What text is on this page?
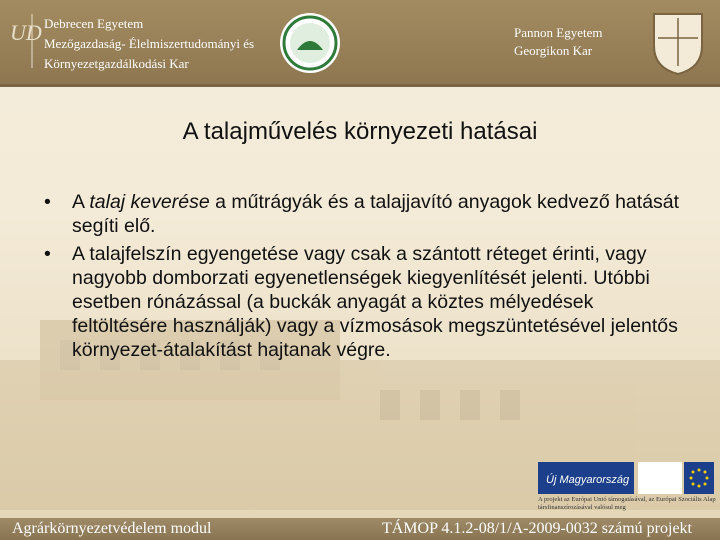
UD Debrecen Egyetem
Mezőgazdaság- Élelmiszertudományi és
Környezetgazdálkodási Kar
Pannon Egyetem
Georgikon Kar
A talajművelés környezeti hatásai
• A talaj keverése a műtrágyák és a talajjavító anyagok kedvező hatását segíti elő.
• A talajfelszín egyengetése vagy csak a szántott réteget érinti, vagy nagyobb domborzati egyenetlenségek kiegyenlítését jelenti. Utóbbi esetben rónázással (a buckák anyagát a köztes mélyedések feltöltésére használják) vagy a vízmosások megszüntetésével jelentős környezet-átalakítást hajtanak végre.
Új Magyarország
A projekt az Európai Unió támogatásával, az Európai Szociális Alap társfinanszírozásával valósul meg
Agrárkörnyezetvédelem modul	TÁMOP 4.1.2-08/1/A-2009-0032 számú projekt
